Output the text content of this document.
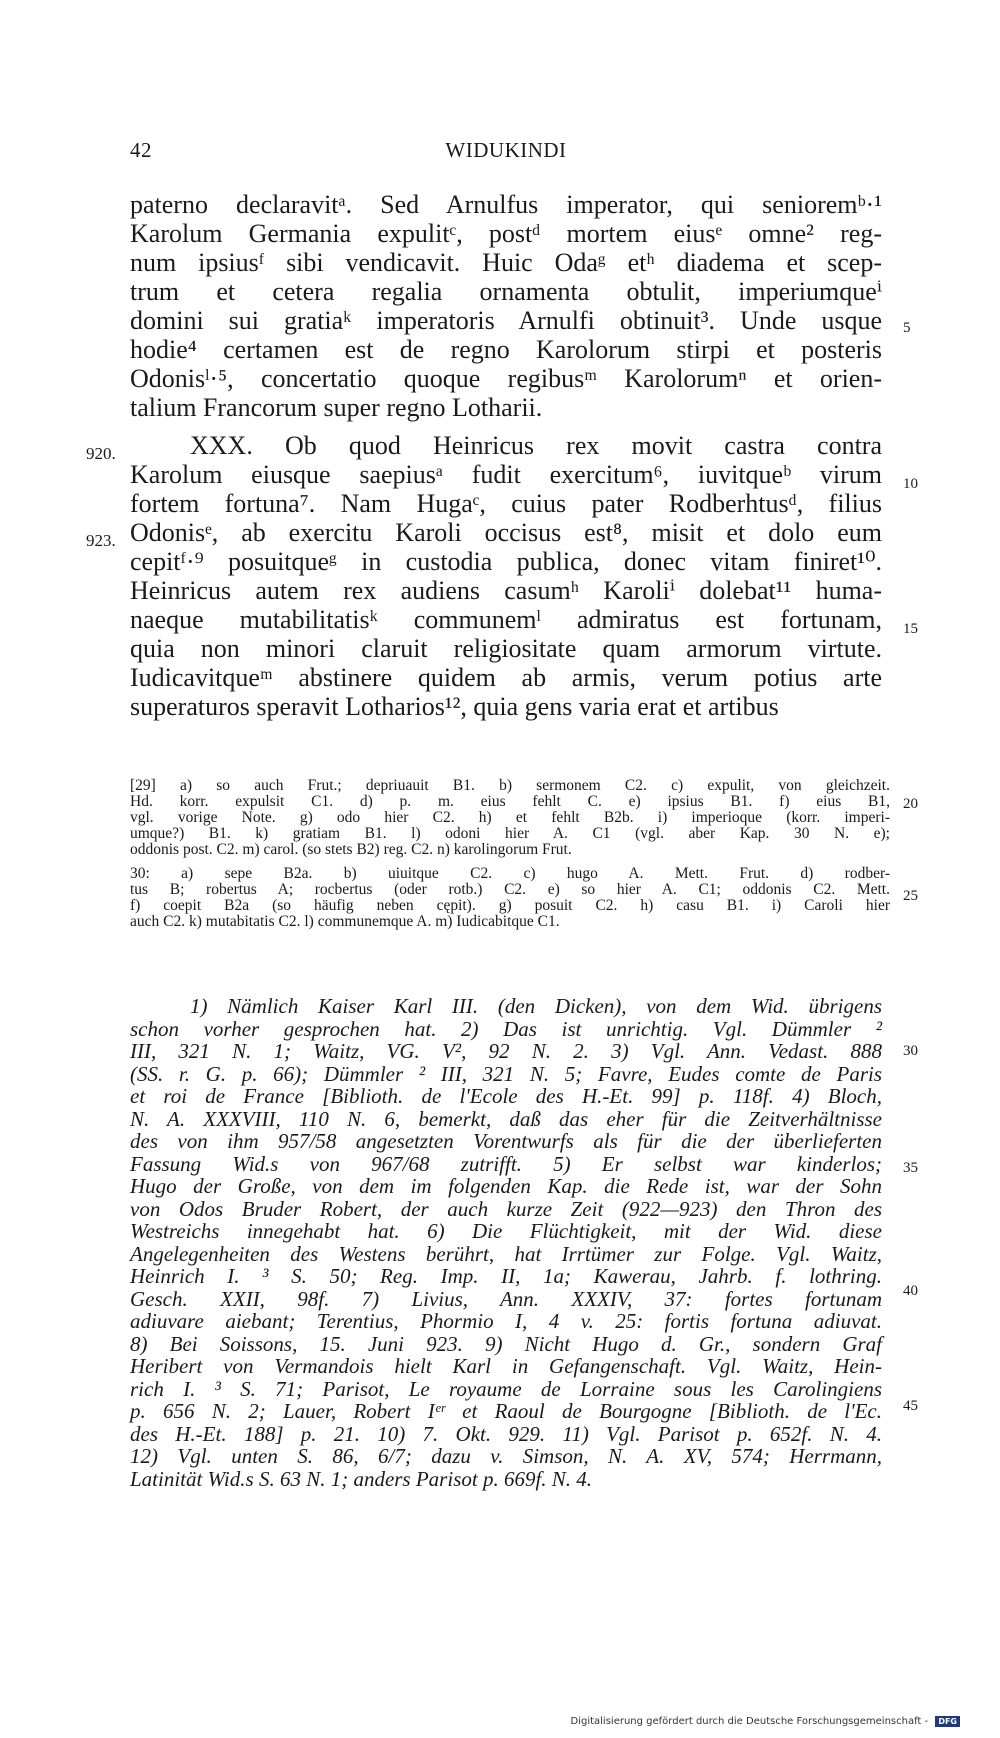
42	WIDUKINDI
paterno declaravitᵃ. Sed Arnulfus imperator, qui senioremᵇ·¹
Karolum Germania expulitᶜ, postᵈ mortem eiusᵉ omne² reg-
num ipsiusᶠ sibi vendicavit. Huic Odaᵍ etʰ diadema et scep-
trum et cetera regalia ornamenta obtulit, imperiumqueⁱ
domini sui gratiaᵏ imperatoris Arnulfi obtinuit³. Unde usque
hodie⁴ certamen est de regno Karolorum stirpi et posteris
Odonisˡ·⁵, concertatio quoque regibusᵐ Karolorumⁿ et orien-
talium Francorum super regno Lotharii.
XXX. Ob quod Heinricus rex movit castra contra
Karolum eiusque saepiusᵃ fudit exercitum⁶, iuvitqueᵇ virum
fortem fortuna⁷. Nam Hugaᶜ, cuius pater Rodberhtusᵈ, filius
Odonisᵉ, ab exercitu Karoli occisus est⁸, misit et dolo eum
cepitᶠ·⁹ posuitqueᵍ in custodia publica, donec vitam finiret¹⁰.
Heinricus autem rex audiens casumʰ Karoliⁱ dolebat¹¹ huma-
naeque mutabilitatisᵏ communemˡ admiratus est fortunam,
quia non minori claruit religiositate quam armorum virtute.
Iudicavitqueᵐ abstinere quidem ab armis, verum potius arte
superaturos speravit Lotharios¹², quia gens varia erat et artibus
5
10
15
20
25
30
35
40
45
920.
923.
[29] a) so auch Frut.; depriuauit B1. b) sermonem C2. c) expulit, von gleichzeit.
Hd. korr. expulsit C1. d) p. m. eius fehlt C. e) ipsius B1. f) eius B1,
vgl. vorige Note. g) odo hier C2. h) et fehlt B2b. i) imperioque (korr. imperi-
umque?) B1. k) gratiam B1. l) odoni hier A. C1 (vgl. aber Kap. 30 N. e);
oddonis post. C2. m) carol. (so stets B2) reg. C2. n) karolingorum Frut.
30: a) sepe B2a. b) uiuitque C2. c) hugo A. Mett. Frut. d) rodber-
tus B; robertus A; rocbertus (oder rotb.) C2. e) so hier A. C1; oddonis C2. Mett.
f) coepit B2a (so häufig neben cępit). g) posuit C2. h) casu B1. i) Caroli hier
auch C2. k) mutabitatis C2. l) communemque A. m) Iudicabitque C1.
1) Nämlich Kaiser Karl III. (den Dicken), von dem Wid. übrigens
schon vorher gesprochen hat. 2) Das ist unrichtig. Vgl. Dümmler ²
III, 321 N. 1; Waitz, VG. V², 92 N. 2. 3) Vgl. Ann. Vedast. 888
(SS. r. G. p. 66); Dümmler ² III, 321 N. 5; Favre, Eudes comte de Paris
et roi de France [Biblioth. de l'Ecole des H.-Et. 99] p. 118f. 4) Bloch,
N. A. XXXVIII, 110 N. 6, bemerkt, daß das eher für die Zeitverhältnisse
des von ihm 957/58 angesetzten Vorentwurfs als für die der überlieferten
Fassung Wid.s von 967/68 zutrifft. 5) Er selbst war kinderlos;
Hugo der Große, von dem im folgenden Kap. die Rede ist, war der Sohn
von Odos Bruder Robert, der auch kurze Zeit (922—923) den Thron des
Westreichs innegehabt hat. 6) Die Flüchtigkeit, mit der Wid. diese
Angelegenheiten des Westens berührt, hat Irrtümer zur Folge. Vgl. Waitz,
Heinrich I. ³ S. 50; Reg. Imp. II, 1a; Kawerau, Jahrb. f. lothring.
Gesch. XXII, 98f. 7) Livius, Ann. XXXIV, 37: fortes fortunam
adiuvare aiebant; Terentius, Phormio I, 4 v. 25: fortis fortuna adiuvat.
8) Bei Soissons, 15. Juni 923. 9) Nicht Hugo d. Gr., sondern Graf
Heribert von Vermandois hielt Karl in Gefangenschaft. Vgl. Waitz, Hein-
rich I. ³ S. 71; Parisot, Le royaume de Lorraine sous les Carolingiens
p. 656 N. 2; Lauer, Robert Iᵉʳ et Raoul de Bourgogne [Biblioth. de l'Ec.
des H.-Et. 188] p. 21. 10) 7. Okt. 929. 11) Vgl. Parisot p. 652f. N. 4.
12) Vgl. unten S. 86, 6/7; dazu v. Simson, N. A. XV, 574; Herrmann,
Latinität Wid.s S. 63 N. 1; anders Parisot p. 669f. N. 4.
Digitalisierung gefördert durch die Deutsche Forschungsgemeinschaft - DFG
